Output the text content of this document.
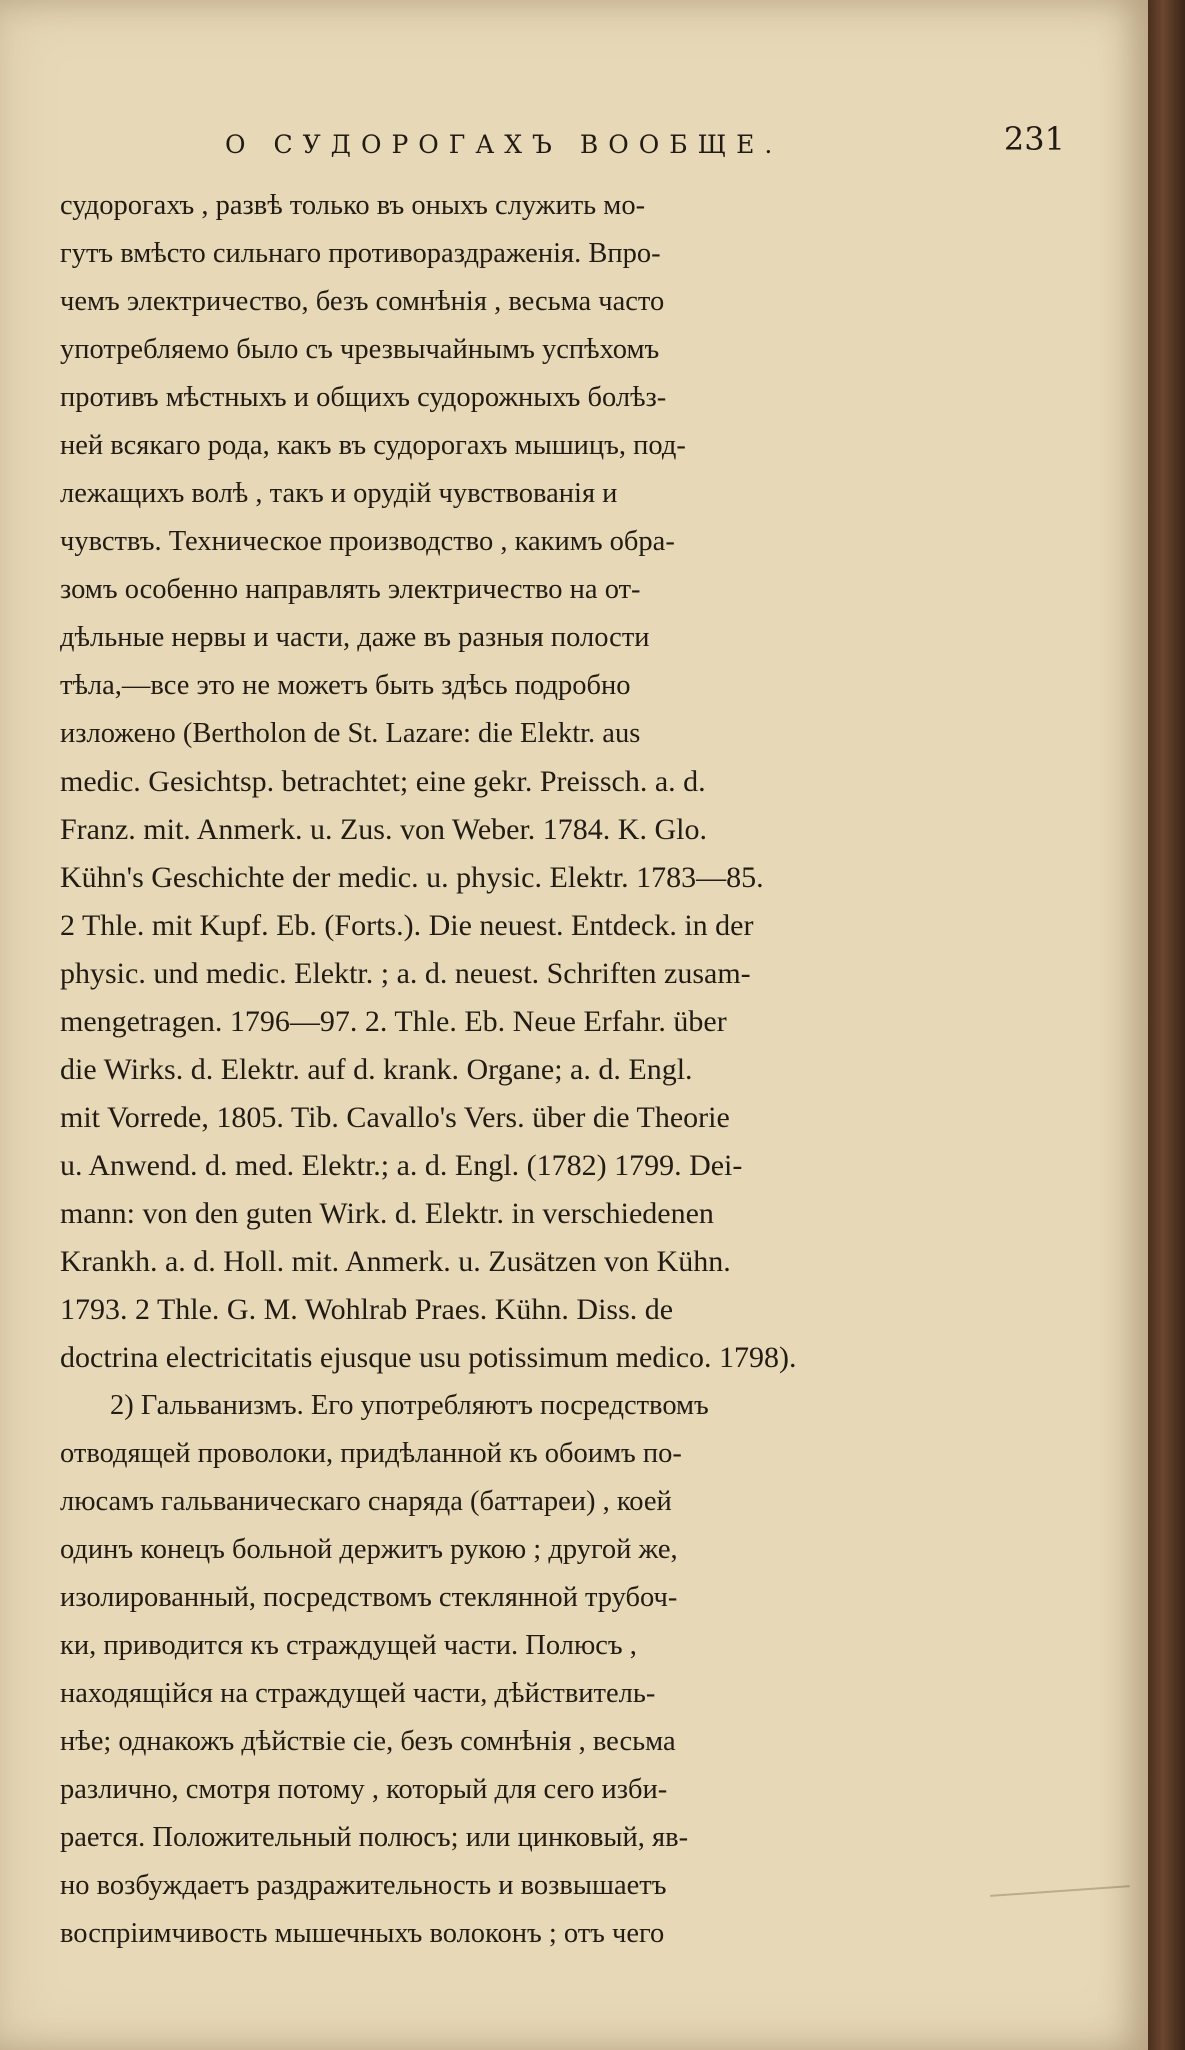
О СУДОРОГАХЪ ВООБЩЕ.	231
судорогахъ , развѣ только въ оныхъ служить мо-
гутъ вмѣсто сильнаго противораздраженія. Впро-
чемъ электричество, безъ сомнѣнія , весьма часто
употребляемо было съ чрезвычайнымъ успѣхомъ
противъ мѣстныхъ и общихъ судорожныхъ болѣз-
ней всякаго рода, какъ въ судорогахъ мышицъ, под-
лежащихъ волѣ , такъ и орудій чувствованія и
чувствъ. Техническое производство , какимъ обра-
зомъ особенно направлять электричество на от-
дѣльные нервы и части, даже въ разныя полости
тѣла,—все это не можетъ быть здѣсь подробно
изложено (Bertholon de St. Lazare: die Elektr. aus
medic. Gesichtsp. betrachtet; eine gekr. Preissch. a. d.
Franz. mit. Anmerk. u. Zus. von Weber. 1784. K. Glo.
Kühn's Geschichte der medic. u. physic. Elektr. 1783—85.
2 Thle. mit Kupf. Eb. (Forts.). Die neuest. Entdeck. in der
physic. und medic. Elektr. ; a. d. neuest. Schriften zusam-
mengetragen. 1796—97. 2. Thle. Eb. Neue Erfahr. über
die Wirks. d. Elektr. auf d. krank. Organe; a. d. Engl.
mit Vorrede, 1805. Tib. Cavallo's Vers. über die Theorie
u. Anwend. d. med. Elektr.; a. d. Engl. (1782) 1799. Dei-
mann: von den guten Wirk. d. Elektr. in verschiedenen
Krankh. a. d. Holl. mit. Anmerk. u. Zusätzen von Kühn.
1793. 2 Thle. G. M. Wohlrab Praes. Kühn. Diss. de
doctrina electricitatis ejusque usu potissimum medico. 1798).
2) Гальванизмъ. Его употребляютъ посредствомъ
отводящей проволоки, придѣланной къ обоимъ по-
люсамъ гальваническаго снаряда (баттареи) , коей
одинъ конецъ больной держитъ рукою ; другой же,
изолированный, посредствомъ стеклянной трубоч-
ки, приводится къ страждущей части. Полюсъ ,
находящійся на страждущей части, дѣйствитель-
нѣе; однакожъ дѣйствіе сіе, безъ сомнѣнія , весьма
различно, смотря потому , который для сего изби-
рается. Положительный полюсъ; или цинковый, яв-
но возбуждаетъ раздражительность и возвышаетъ
воспріимчивость мышечныхъ волоконъ ; отъ чего
